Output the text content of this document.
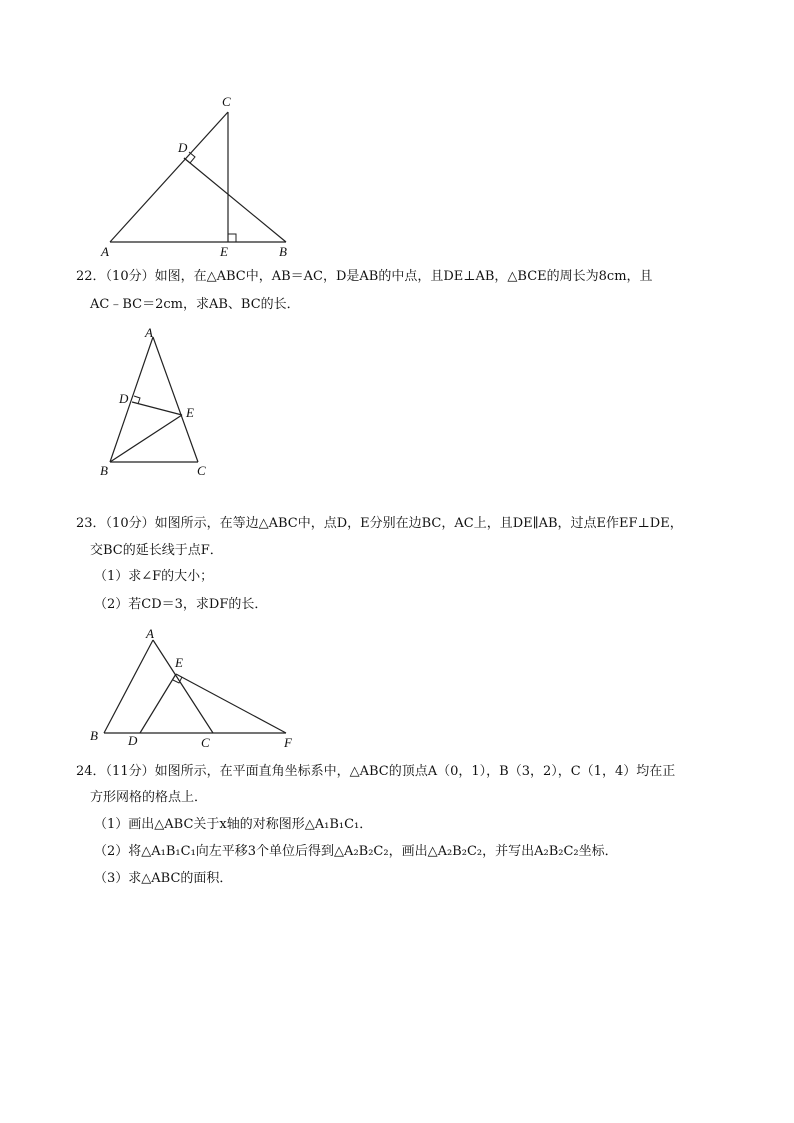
A	B
C
D
E
22．（10分）如图，在△ABC中，AB＝AC，D是AB的中点，且DE⊥AB，△BCE的周长为8cm，且
AC﹣BC＝2cm，求AB、BC的长．
A
B	C
D
E
23．（10分）如图所示，在等边△ABC中，点D，E分别在边BC，AC上，且DE∥AB，过点E作EF⊥DE，
交BC的延长线于点F．
（1）求∠F的大小；
（2）若CD＝3，求DF的长．
A
B	C
D
E
F
24．（11分）如图所示，在平面直角坐标系中，△ABC的顶点A（0，1），B（3，2），C（1，4）均在正
方形网格的格点上．
（1）画出△ABC关于x轴的对称图形△A₁B₁C₁．
（2）将△A₁B₁C₁向左平移3个单位后得到△A₂B₂C₂，画出△A₂B₂C₂，并写出A₂B₂C₂坐标．
（3）求△ABC的面积．
